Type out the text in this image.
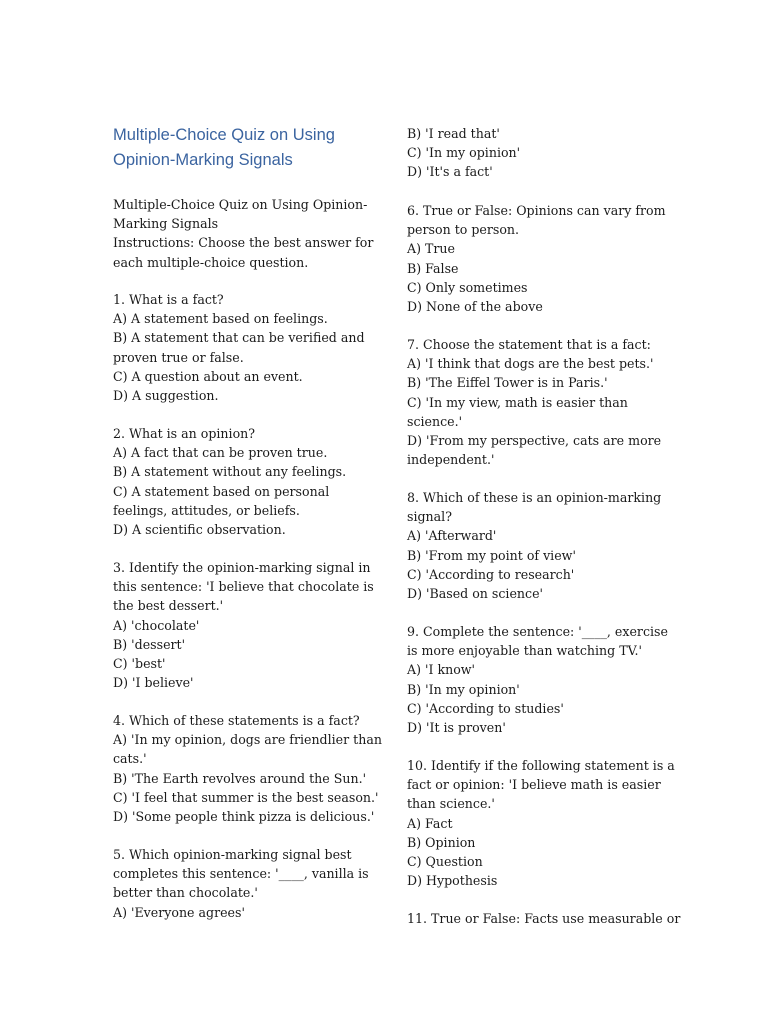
Multiple-Choice Quiz on Using
Opinion-Marking Signals
Multiple-Choice Quiz on Using Opinion-
Marking Signals
Instructions: Choose the best answer for
each multiple-choice question.
1. What is a fact?
A) A statement based on feelings.
B) A statement that can be verified and
proven true or false.
C) A question about an event.
D) A suggestion.
2. What is an opinion?
A) A fact that can be proven true.
B) A statement without any feelings.
C) A statement based on personal
feelings, attitudes, or beliefs.
D) A scientific observation.
3. Identify the opinion-marking signal in
this sentence: 'I believe that chocolate is
the best dessert.'
A) 'chocolate'
B) 'dessert'
C) 'best'
D) 'I believe'
4. Which of these statements is a fact?
A) 'In my opinion, dogs are friendlier than
cats.'
B) 'The Earth revolves around the Sun.'
C) 'I feel that summer is the best season.'
D) 'Some people think pizza is delicious.'
5. Which opinion-marking signal best
completes this sentence: '____, vanilla is
better than chocolate.'
A) 'Everyone agrees'
B) 'I read that'
C) 'In my opinion'
D) 'It's a fact'
6. True or False: Opinions can vary from
person to person.
A) True
B) False
C) Only sometimes
D) None of the above
7. Choose the statement that is a fact:
A) 'I think that dogs are the best pets.'
B) 'The Eiffel Tower is in Paris.'
C) 'In my view, math is easier than
science.'
D) 'From my perspective, cats are more
independent.'
8. Which of these is an opinion-marking
signal?
A) 'Afterward'
B) 'From my point of view'
C) 'According to research'
D) 'Based on science'
9. Complete the sentence: '____, exercise
is more enjoyable than watching TV.'
A) 'I know'
B) 'In my opinion'
C) 'According to studies'
D) 'It is proven'
10. Identify if the following statement is a
fact or opinion: 'I believe math is easier
than science.'
A) Fact
B) Opinion
C) Question
D) Hypothesis
11. True or False: Facts use measurable or
